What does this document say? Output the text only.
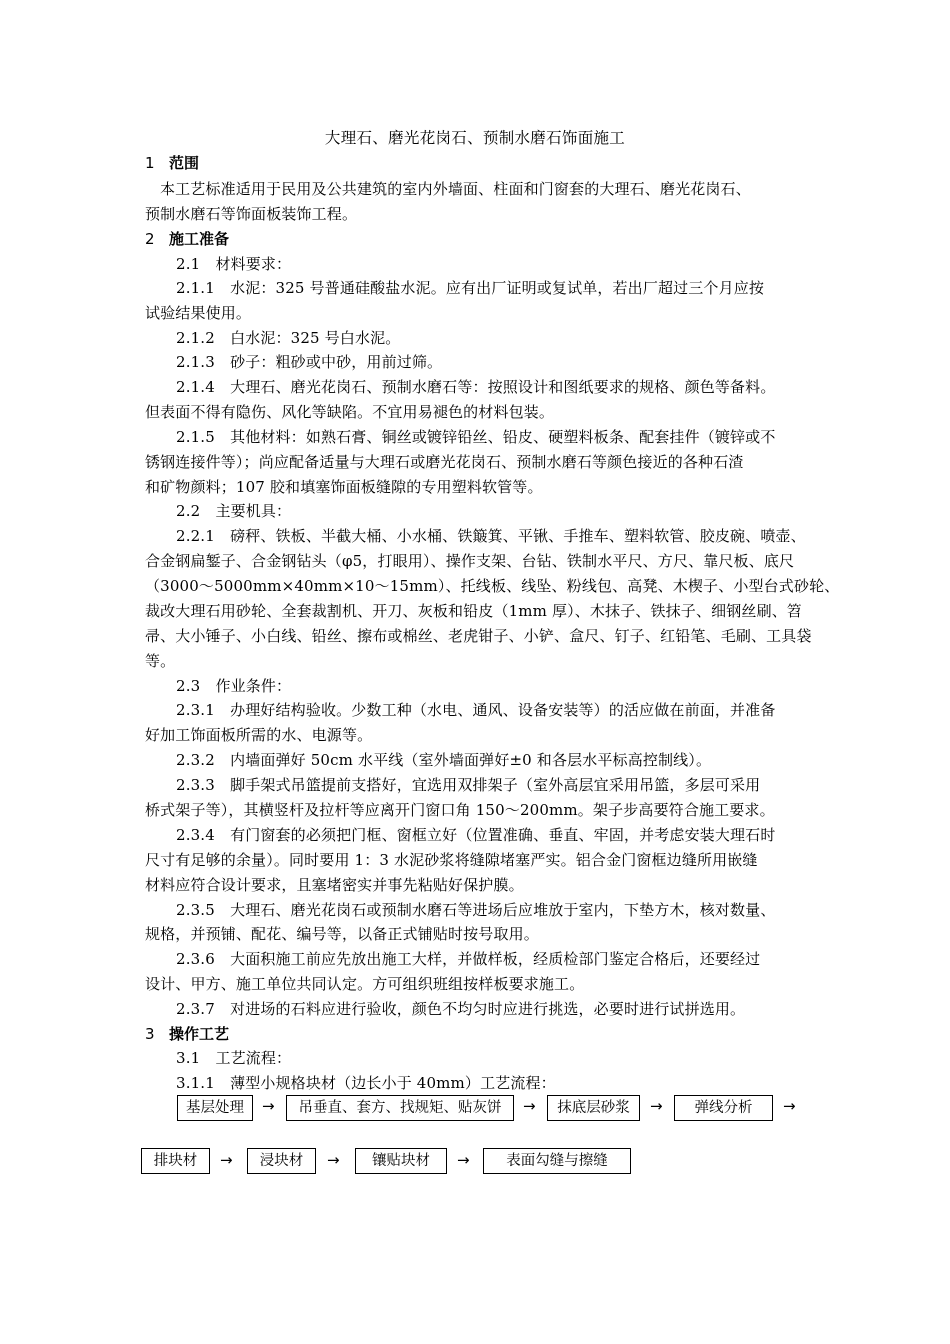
大理石、磨光花岗石、预制水磨石饰面施工
1 范围
本工艺标准适用于民用及公共建筑的室内外墙面、柱面和门窗套的大理石、磨光花岗石、
预制水磨石等饰面板装饰工程。
2 施工准备
2.1　材料要求：
2.1.1　水泥：325 号普通硅酸盐水泥。应有出厂证明或复试单，若出厂超过三个月应按
试验结果使用。
2.1.2　白水泥：325 号白水泥。
2.1.3　砂子：粗砂或中砂，用前过筛。
2.1.4　大理石、磨光花岗石、预制水磨石等：按照设计和图纸要求的规格、颜色等备料。
但表面不得有隐伤、风化等缺陷。不宜用易褪色的材料包装。
2.1.5　其他材料：如熟石膏、铜丝或镀锌铅丝、铅皮、硬塑料板条、配套挂件（镀锌或不
锈钢连接件等）；尚应配备适量与大理石或磨光花岗石、预制水磨石等颜色接近的各种石渣
和矿物颜料；107 胶和填塞饰面板缝隙的专用塑料软管等。
2.2　主要机具：
2.2.1　磅秤、铁板、半截大桶、小水桶、铁簸箕、平锹、手推车、塑料软管、胶皮碗、喷壶、
合金钢扁錾子、合金钢钻头（φ5，打眼用）、操作支架、台钻、铁制水平尺、方尺、靠尺板、底尺
（3000～5000mm×40mm×10～15mm）、托线板、线坠、粉线包、高凳、木楔子、小型台式砂轮、
裁改大理石用砂轮、全套裁割机、开刀、灰板和铅皮（1mm 厚）、木抹子、铁抹子、细钢丝刷、笤
帚、大小锤子、小白线、铅丝、擦布或棉丝、老虎钳子、小铲、盒尺、钉子、红铅笔、毛刷、工具袋
等。
2.3　作业条件：
2.3.1　办理好结构验收。少数工种（水电、通风、设备安装等）的活应做在前面，并准备
好加工饰面板所需的水、电源等。
2.3.2　内墙面弹好 50cm 水平线（室外墙面弹好±0 和各层水平标高控制线）。
2.3.3　脚手架式吊篮提前支搭好，宜选用双排架子（室外高层宜采用吊篮，多层可采用
桥式架子等），其横竖杆及拉杆等应离开门窗口角 150～200mm。架子步高要符合施工要求。
2.3.4　有门窗套的必须把门框、窗框立好（位置准确、垂直、牢固，并考虑安装大理石时
尺寸有足够的余量）。同时要用 1：3 水泥砂浆将缝隙堵塞严实。铝合金门窗框边缝所用嵌缝
材料应符合设计要求，且塞堵密实并事先粘贴好保护膜。
2.3.5　大理石、磨光花岗石或预制水磨石等进场后应堆放于室内，下垫方木，核对数量、
规格，并预铺、配花、编号等，以备正式铺贴时按号取用。
2.3.6　大面积施工前应先放出施工大样，并做样板，经质检部门鉴定合格后，还要经过
设计、甲方、施工单位共同认定。方可组织班组按样板要求施工。
2.3.7　对进场的石料应进行验收，颜色不均匀时应进行挑选，必要时进行试拼选用。
3 操作工艺
3.1　工艺流程：
3.1.1　薄型小规格块材（边长小于 40mm）工艺流程：
基层处理	→	吊垂直、套方、找规矩、贴灰饼	→	抹底层砂浆	→	弹线分析	→
排块材	→	浸块材	→	镶贴块材	→	表面勾缝与擦缝
